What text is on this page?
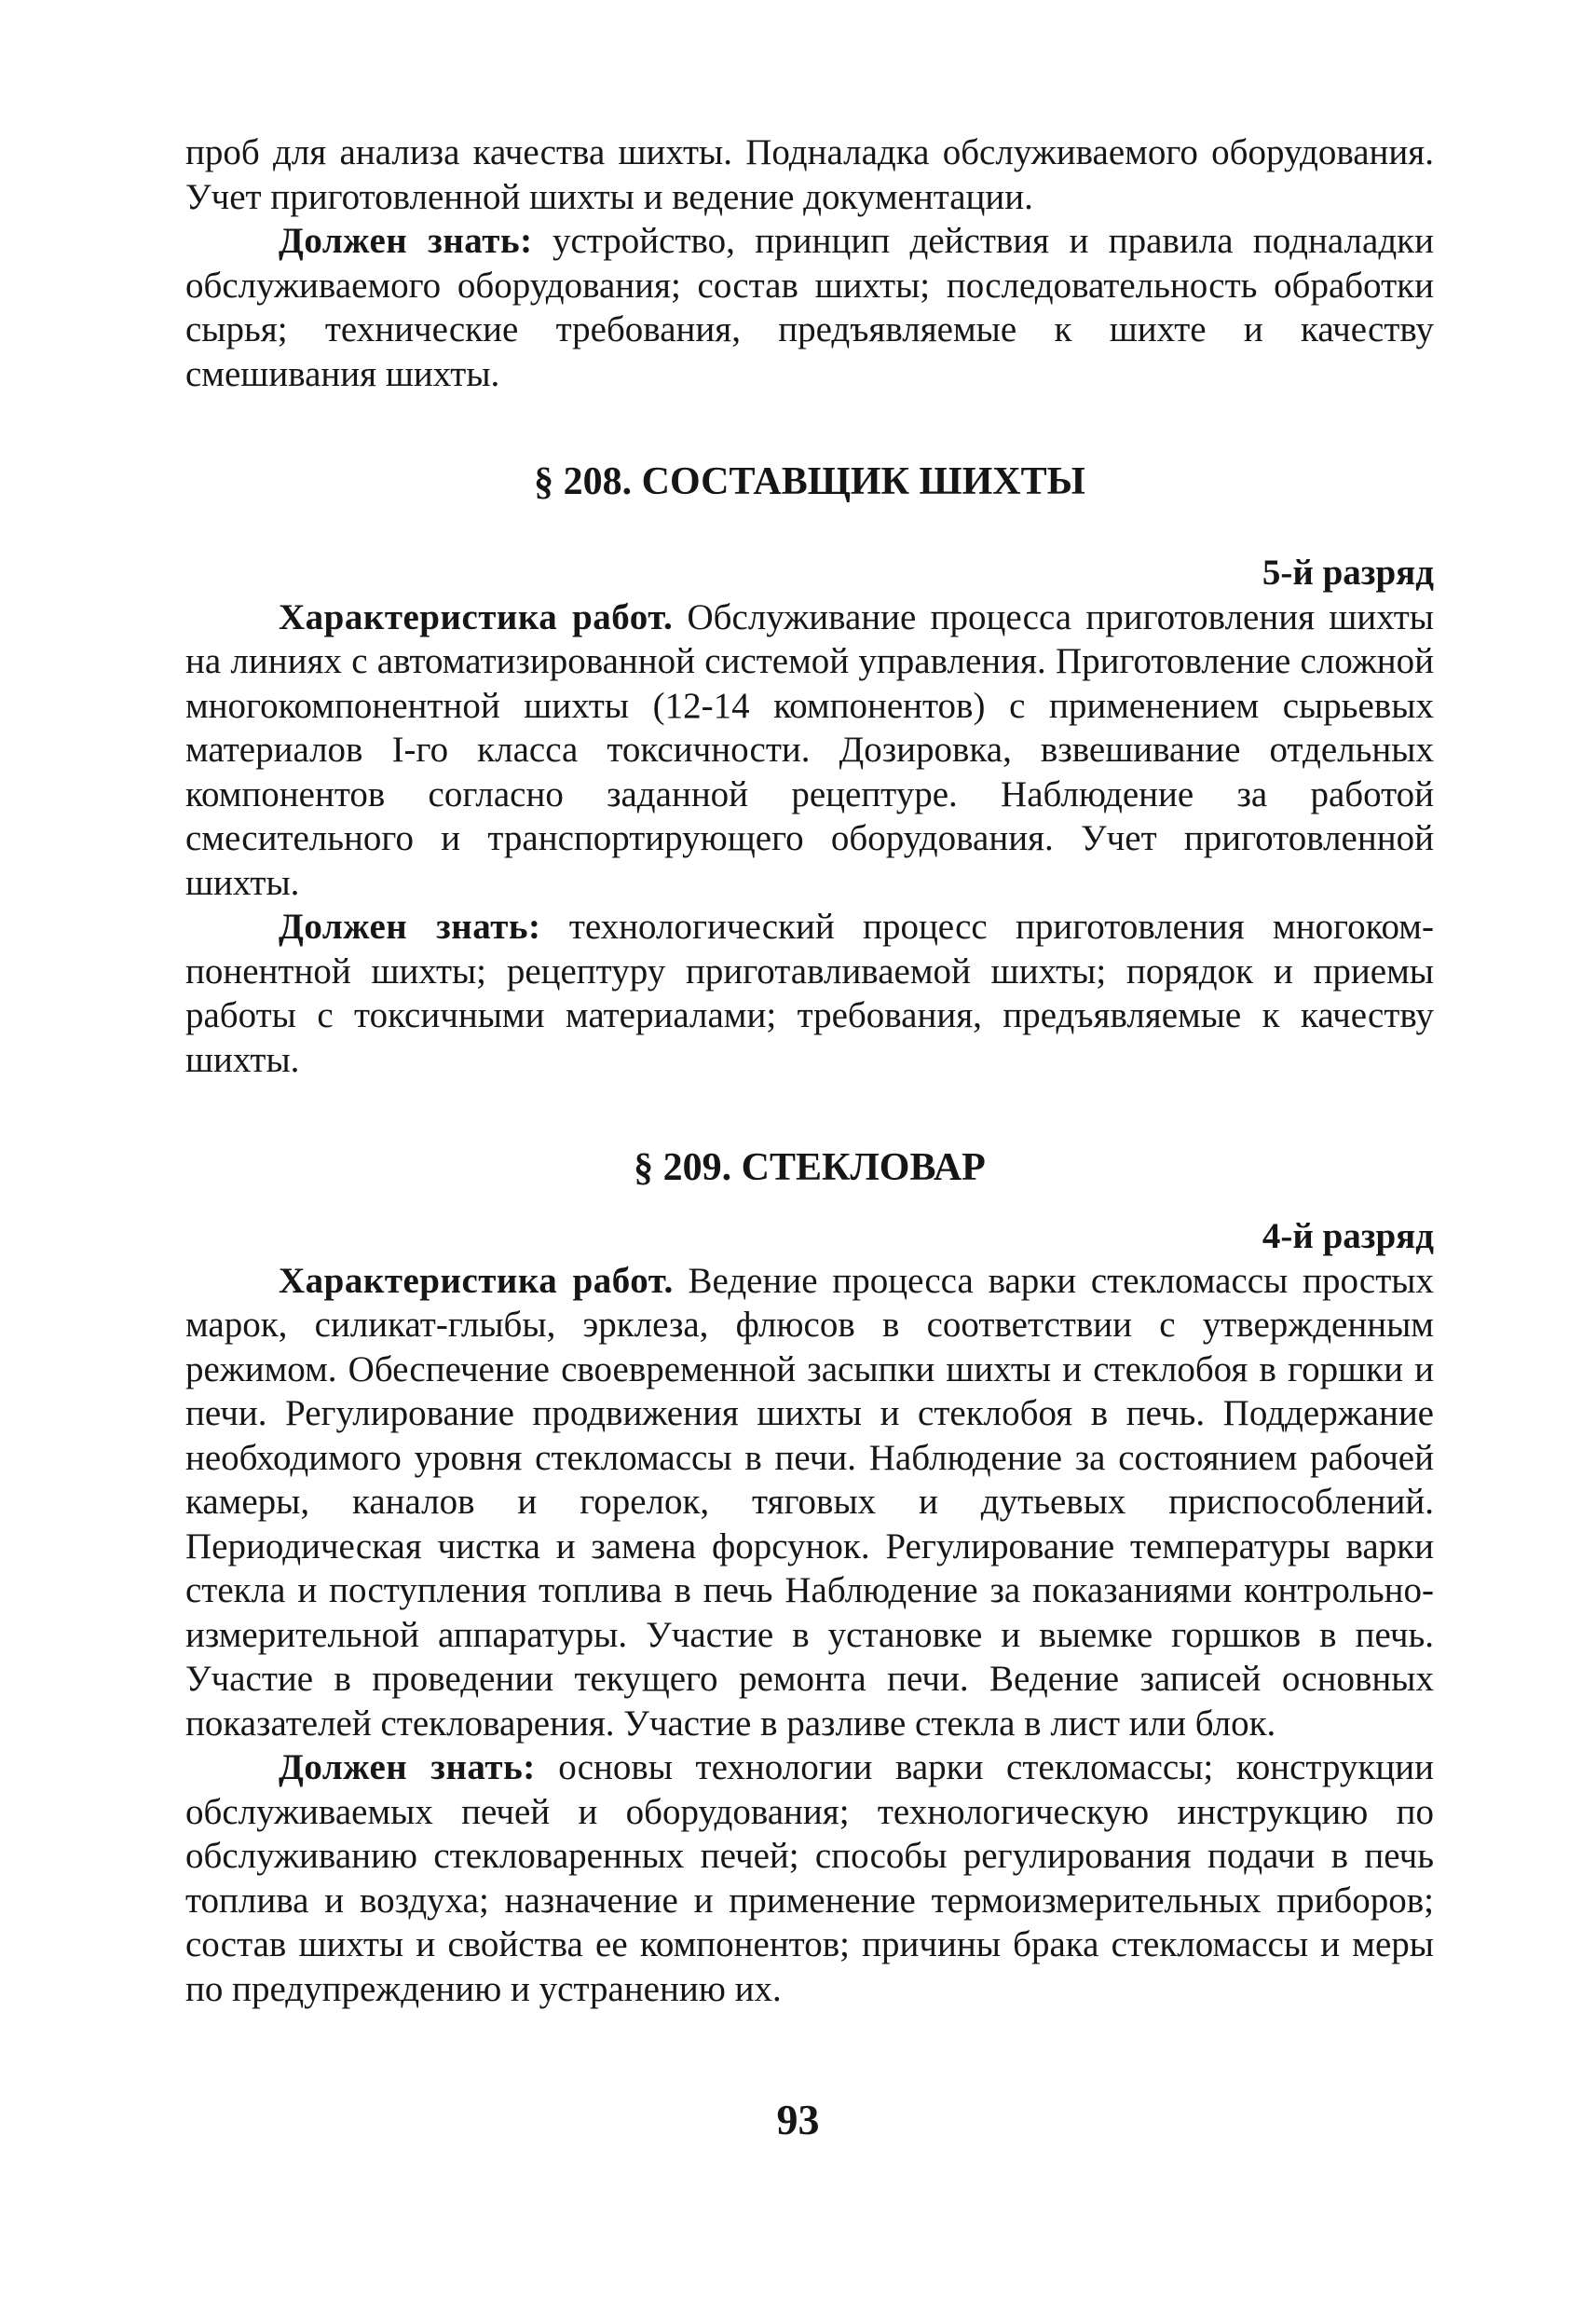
проб для анализа качества шихты. Подналадка обслуживаемого оборудования. Учет приготовленной шихты и ведение документации.

Должен знать: устройство, принцип действия и правила подналадки обслуживаемого оборудования; состав шихты; последовательность обработки сырья; технические требования, предъявляемые к шихте и качеству смешивания шихты.

§ 208. СОСТАВЩИК ШИХТЫ
5-й разряд

Характеристика работ. Обслуживание процесса приготовления шихты на линиях с автоматизированной системой управления. Приготовление сложной многокомпонентной шихты (12-14 компонентов) с применением сырьевых материалов I-го класса токсичности. Дозировка, взвешивание отдельных компонентов согласно заданной рецептуре. Наблюдение за работой смесительного и транспортирующего оборудования. Учет приготовленной шихты.

Должен знать: технологический процесс приготовления многокомпонентной шихты; рецептуру приготавливаемой шихты; порядок и приемы работы с токсичными материалами; требования, предъявляемые к качеству шихты.

§ 209. СТЕКЛОВАР
4-й разряд

Характеристика работ. Ведение процесса варки стекломассы простых марок, силикат-глыбы, эрклеза, флюсов в соответствии с утвержденным режимом. Обеспечение своевременной засыпки шихты и стеклобоя в горшки и печи. Регулирование продвижения шихты и стеклобоя в печь. Поддержание необходимого уровня стекломассы в печи. Наблюдение за состоянием рабочей камеры, каналов и горелок, тяговых и дутьевых приспособлений. Периодическая чистка и замена форсунок. Регулирование температуры варки стекла и поступления топлива в печь Наблюдение за показаниями контрольно-измерительной аппаратуры. Участие в установке и выемке горшков в печь. Участие в проведении текущего ремонта печи. Ведение записей основных показателей стекловарения. Участие в разливе стекла в лист или блок.

Должен знать: основы технологии варки стекломассы; конструкции обслуживаемых печей и оборудования; технологическую инструкцию по обслуживанию стекловаренных печей; способы регулирования подачи в печь топлива и воздуха; назначение и применение термоизмерительных приборов; состав шихты и свойства ее компонентов; причины брака стекломассы и меры по предупреждению и устранению их.

93
